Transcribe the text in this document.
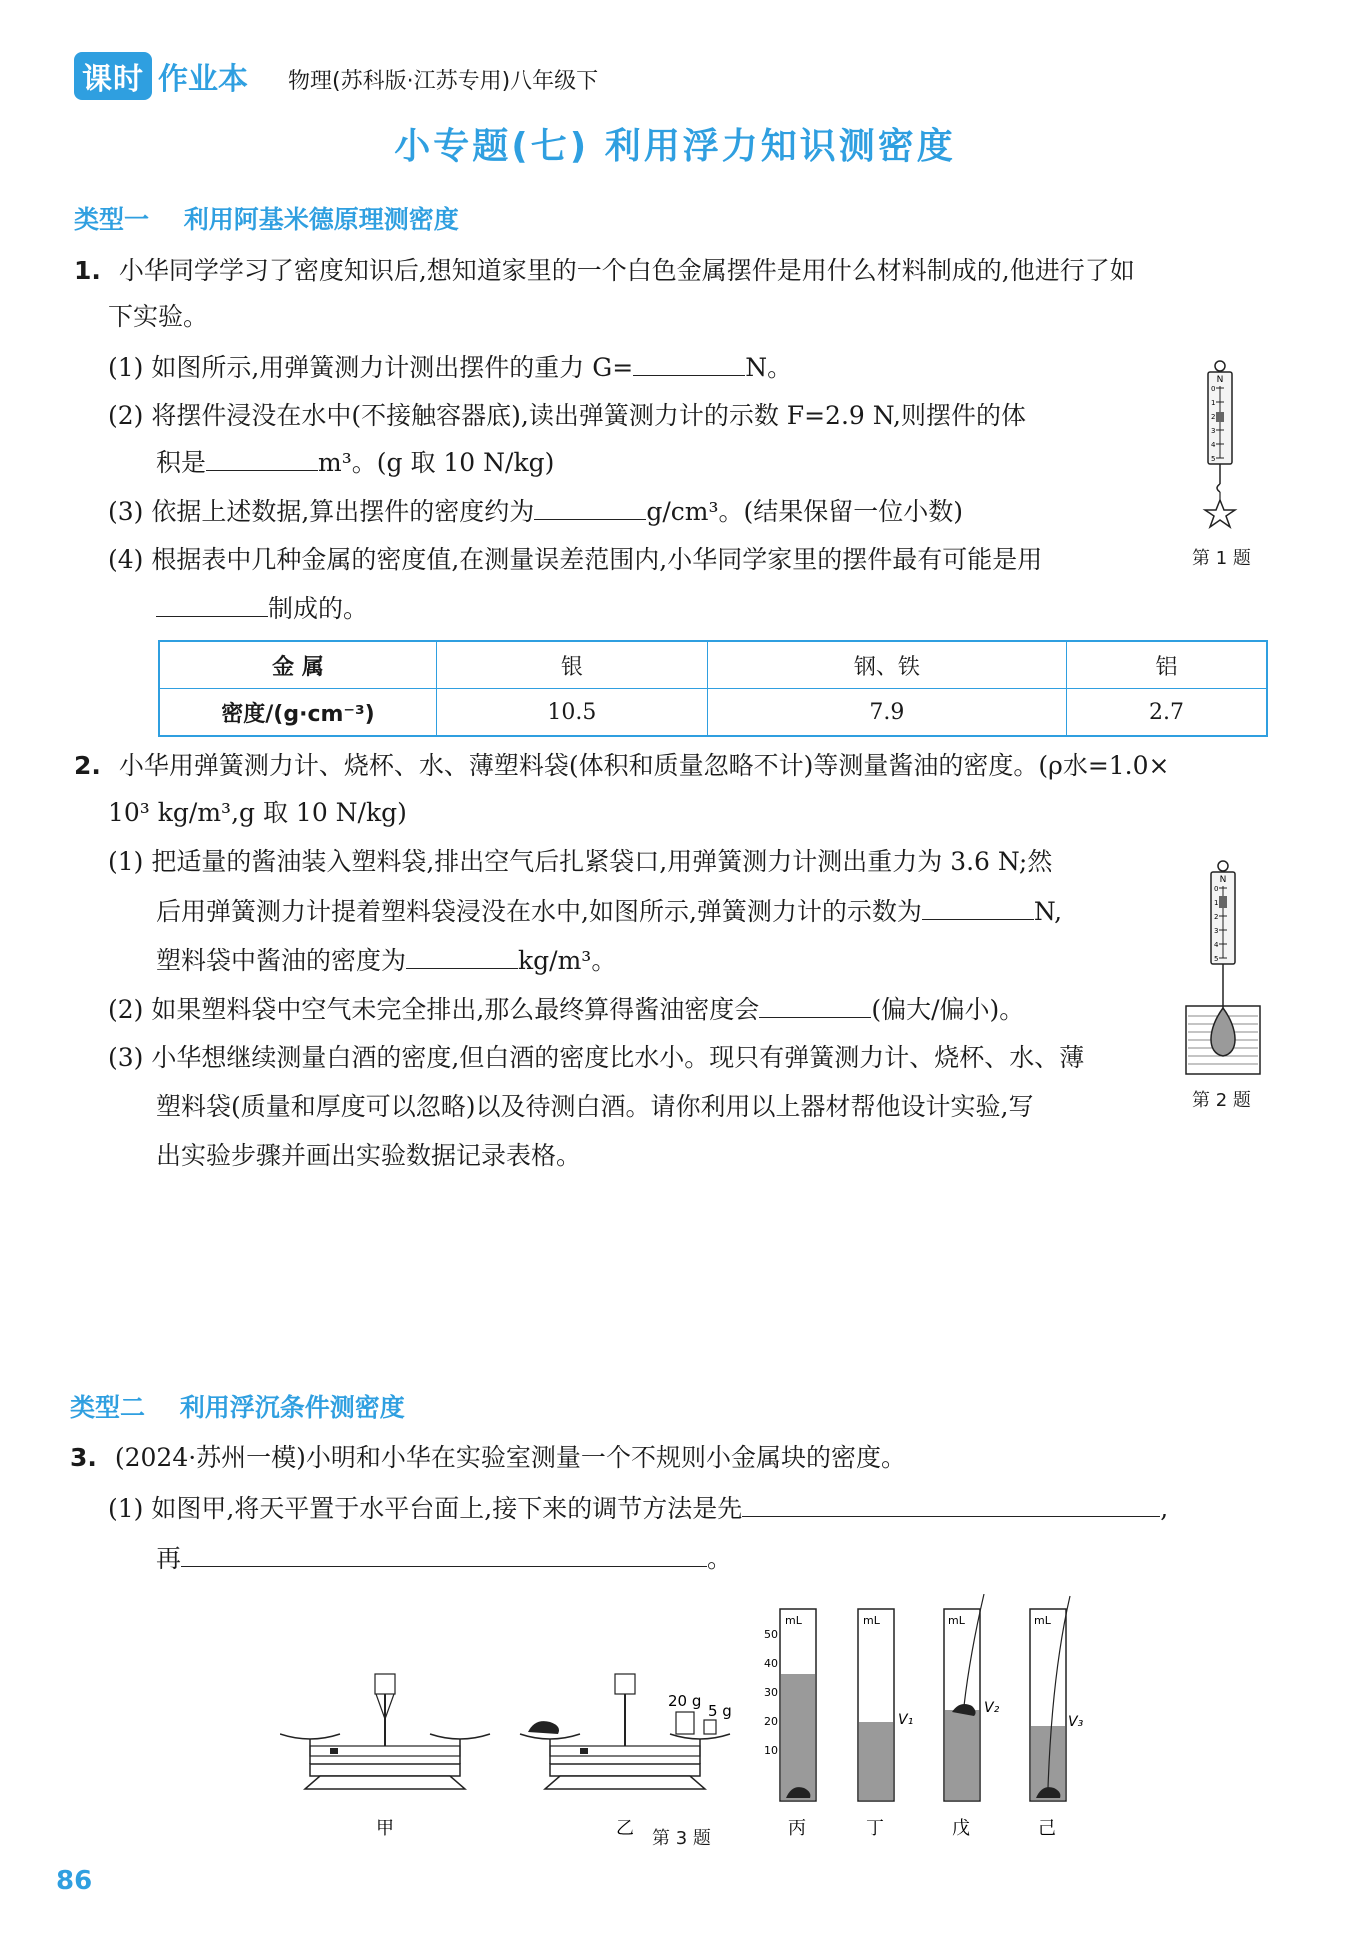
课时 作业本 物理(苏科版·江苏专用)八年级下
小专题(七) 利用浮力知识测密度
类型一 利用阿基米德原理测密度
1. 小华同学学习了密度知识后,想知道家里的一个白色金属摆件是用什么材料制成的,他进行了如
下实验。
(1) 如图所示,用弹簧测力计测出摆件的重力 G=	N。
(2) 将摆件浸没在水中(不接触容器底),读出弹簧测力计的示数 F=2.9 N,则摆件的体
积是	m³。(g 取 10 N/kg)
(3) 依据上述数据,算出摆件的密度约为	g/cm³。(结果保留一位小数)
(4) 根据表中几种金属的密度值,在测量误差范围内,小华同学家里的摆件最有可能是用
制成的。
N
0
1
2
3
4
5
第 1 题
金 属	银	钢、铁	铝
密度/(g·cm⁻³)	10.5	7.9	2.7
2. 小华用弹簧测力计、烧杯、水、薄塑料袋(体积和质量忽略不计)等测量酱油的密度。(ρ水=1.0×
10³ kg/m³,g 取 10 N/kg)
(1) 把适量的酱油装入塑料袋,排出空气后扎紧袋口,用弹簧测力计测出重力为 3.6 N;然
后用弹簧测力计提着塑料袋浸没在水中,如图所示,弹簧测力计的示数为	N,
塑料袋中酱油的密度为	kg/m³。
(2) 如果塑料袋中空气未完全排出,那么最终算得酱油密度会	(偏大/偏小)。
(3) 小华想继续测量白酒的密度,但白酒的密度比水小。现只有弹簧测力计、烧杯、水、薄
塑料袋(质量和厚度可以忽略)以及待测白酒。请你利用以上器材帮他设计实验,写
出实验步骤并画出实验数据记录表格。
N
0
1
2
3
4
5
第 2 题
类型二 利用浮沉条件测密度
3. (2024·苏州一模)小明和小华在实验室测量一个不规则小金属块的密度。
(1) 如图甲,将天平置于水平台面上,接下来的调节方法是先	,
再	。
20 g
5 g
mL
50
40
30
20
10
mL
V₁
mL
V₂
mL
V₃
甲	乙	丙	丁	戊	己
第 3 题
86
